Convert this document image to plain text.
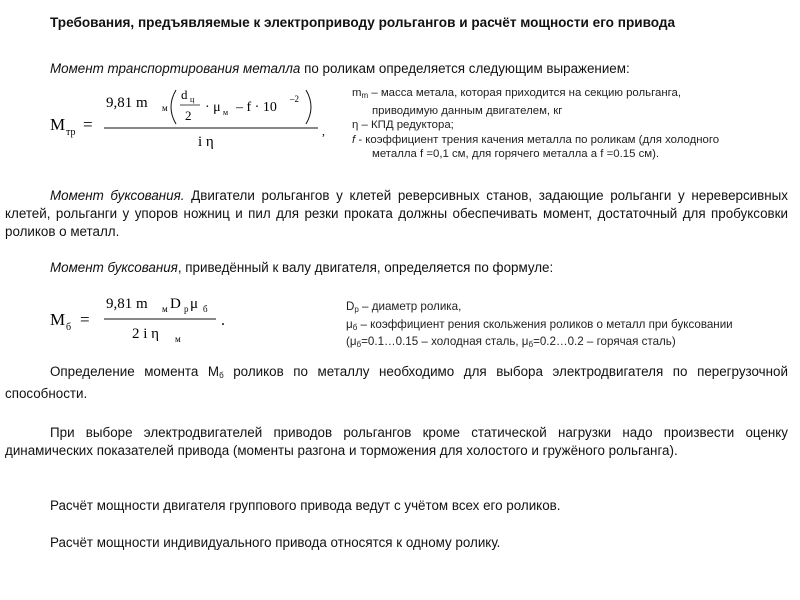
Требования, предъявляемые к электроприводу рольгангов и расчёт мощности его привода
Момент транспортирования металла по роликам определяется следующим выражением:
M тр =
9,81 m м
d ц
2
· μ м – f · 10
–2
i η
,
$m_m$ – масса метала, которая приходится на секцию рольганга,

приводимую данным двигателем, кг
η – КПД редуктора;
f - коэффициент трения качения металла по роликам (для холодного

металла f =0,1 см, для горячего металла a f =0.15 см).
Момент буксования. Двигатели рольгангов у клетей реверсивных станов, задающие рольганги у нереверсивных клетей, рольганги у упоров ножниц и пил для резки проката должны обеспечивать момент, достаточный для пробуксовки роликов о металл.
Момент буксования, приведённый к валу двигателя, определяется по формуле:
M б =
9,81 m м D р μ б
2 i η м
.
$D_р$ – диаметр ролика,
$\mu_б$ – коэффициент рения скольжения роликов о металл при буксовании
($\mu_б=0.1\dots 0.15$ – холодная сталь, $\mu_б=0.2\dots 0.2$ – горячая сталь)
Определение момента $М_б$ роликов по металлу необходимо для выбора электродвигателя по перегрузочной способности.
При выборе электродвигателей приводов рольгангов кроме статической нагрузки надо произвести оценку динамических показателей привода (моменты разгона и торможения для холостого и гружёного рольганга).
Расчёт мощности двигателя группового привода ведут с учётом всех его роликов.
Расчёт мощности индивидуального привода относятся к одному ролику.
